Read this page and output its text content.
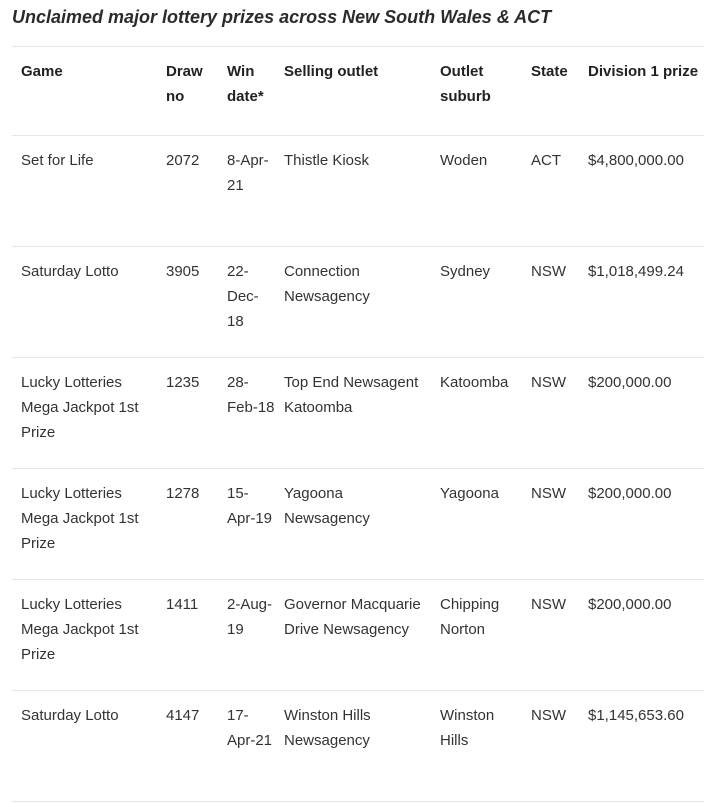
Unclaimed major lottery prizes across New South Wales & ACT
Game	Draw no	Win date*	Selling outlet	Outlet suburb	State	Division 1 prize
Set for Life	2072	8-Apr-21	Thistle Kiosk	Woden	ACT	$4,800,000.00
Saturday Lotto	3905	22-Dec-18	Connection Newsagency	Sydney	NSW	$1,018,499.24
Lucky Lotteries Mega Jackpot 1st Prize	1235	28-Feb-18	Top End Newsagent Katoomba	Katoomba	NSW	$200,000.00
Lucky Lotteries Mega Jackpot 1st Prize	1278	15-Apr-19	Yagoona Newsagency	Yagoona	NSW	$200,000.00
Lucky Lotteries Mega Jackpot 1st Prize	1411	2-Aug-19	Governor Macquarie Drive Newsagency	Chipping Norton	NSW	$200,000.00
Saturday Lotto	4147	17-Apr-21	Winston Hills Newsagency	Winston Hills	NSW	$1,145,653.60
